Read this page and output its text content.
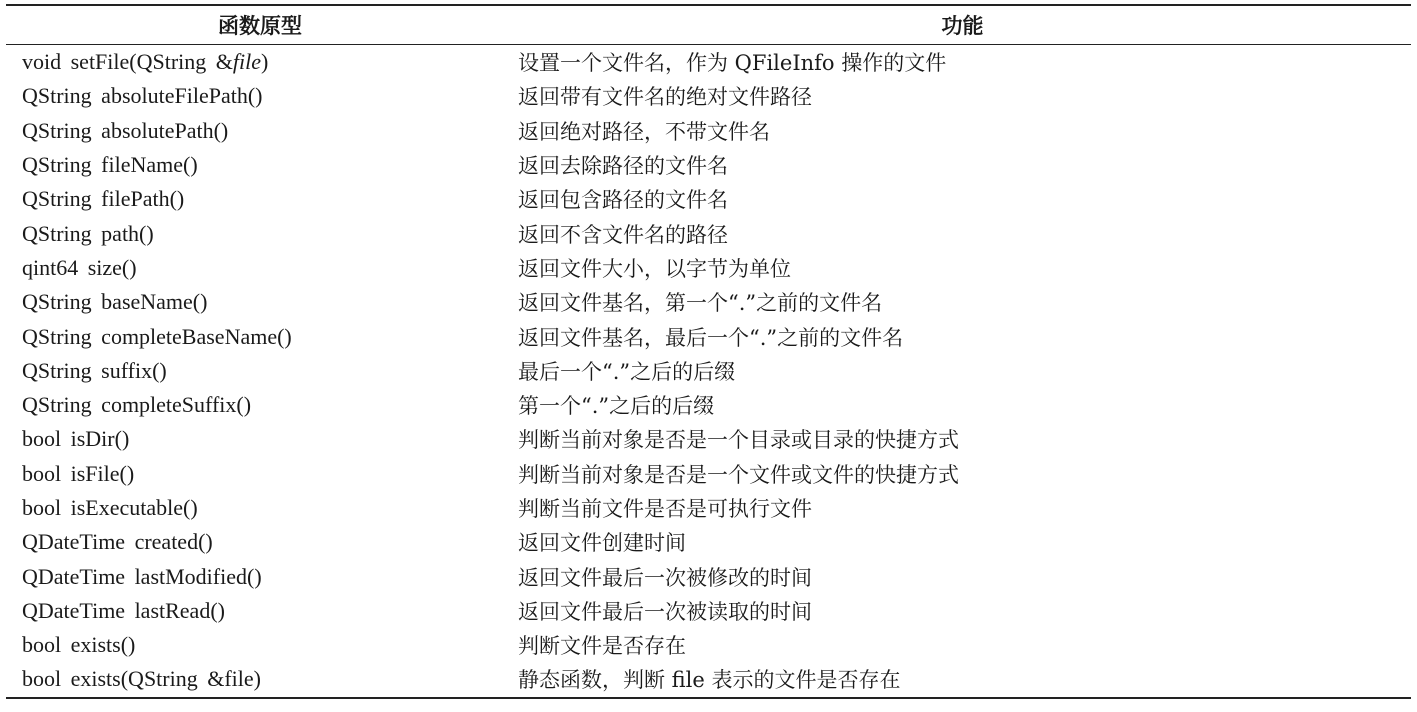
函数原型	功能
void setFile(QString &file)	设置一个文件名，作为 QFileInfo 操作的文件
QString absoluteFilePath()	返回带有文件名的绝对文件路径
QString absolutePath()	返回绝对路径，不带文件名
QString fileName()	返回去除路径的文件名
QString filePath()	返回包含路径的文件名
QString path()	返回不含文件名的路径
qint64 size()	返回文件大小，以字节为单位
QString baseName()	返回文件基名，第一个“.”之前的文件名
QString completeBaseName()	返回文件基名，最后一个“.”之前的文件名
QString suffix()	最后一个“.”之后的后缀
QString completeSuffix()	第一个“.”之后的后缀
bool isDir()	判断当前对象是否是一个目录或目录的快捷方式
bool isFile()	判断当前对象是否是一个文件或文件的快捷方式
bool isExecutable()	判断当前文件是否是可执行文件
QDateTime created()	返回文件创建时间
QDateTime lastModified()	返回文件最后一次被修改的时间
QDateTime lastRead()	返回文件最后一次被读取的时间
bool exists()	判断文件是否存在
bool exists(QString &file)	静态函数，判断 file 表示的文件是否存在
